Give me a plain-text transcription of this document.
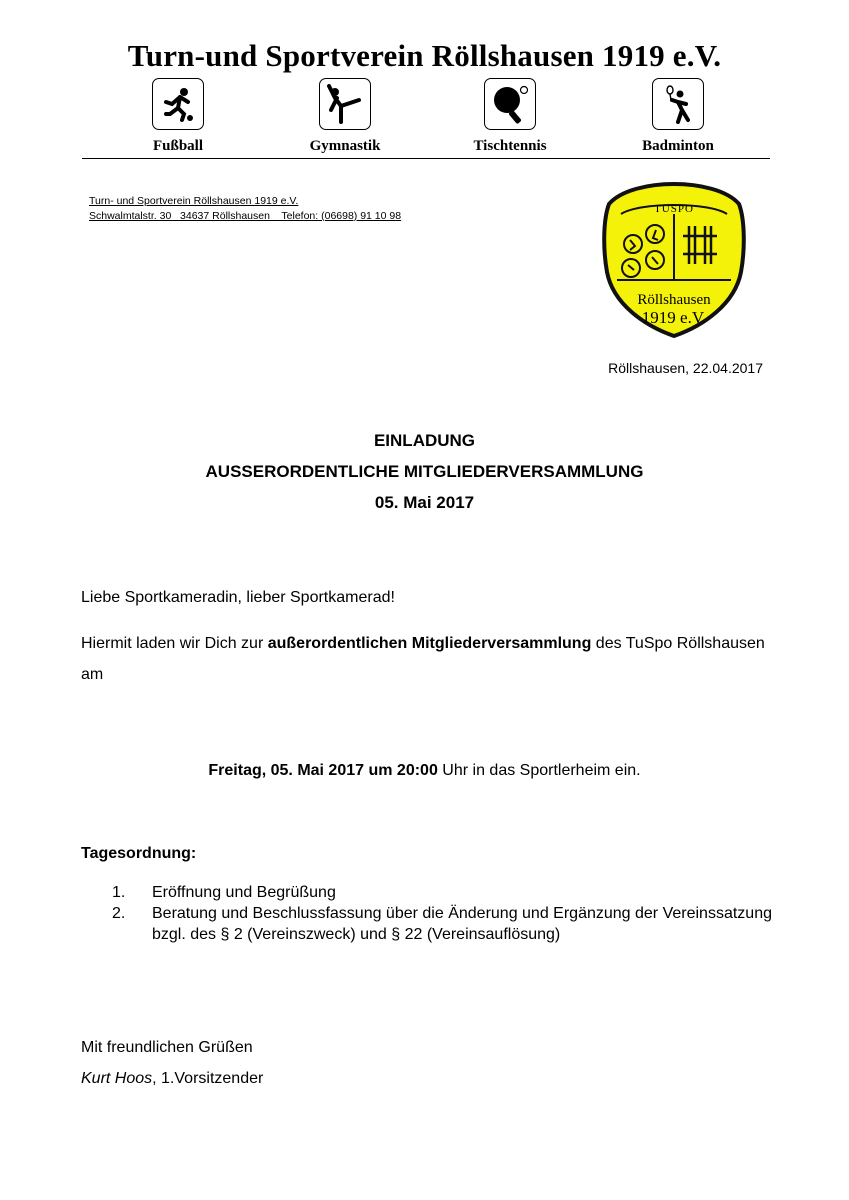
Turn-und Sportverein Röllshausen 1919 e.V.
Fußball	Gymnastik	Tischtennis	Badminton
Turn- und Sportverein Röllshausen 1919 e.V.
Schwalmtalstr. 30   34637 Röllshausen    Telefon: (06698) 91 10 98
TUSPO
Röllshausen
1919 e.V.
Röllshausen, 22.04.2017
EINLADUNG
AUSSERORDENTLICHE MITGLIEDERVERSAMMLUNG
05. Mai 2017
Liebe Sportkameradin, lieber Sportkamerad!
Hiermit laden wir Dich zur außerordentlichen Mitgliederversammlung des TuSpo Röllshausen am
Freitag, 05. Mai 2017 um 20:00 Uhr in das Sportlerheim ein.
Tagesordnung:
1.	Eröffnung und Begrüßung
2.	Beratung und Beschlussfassung über die Änderung und Ergänzung der Vereinssatzung bzgl. des § 2 (Vereinszweck) und § 22 (Vereinsauflösung)
Mit freundlichen Grüßen
Kurt Hoos, 1.Vorsitzender
